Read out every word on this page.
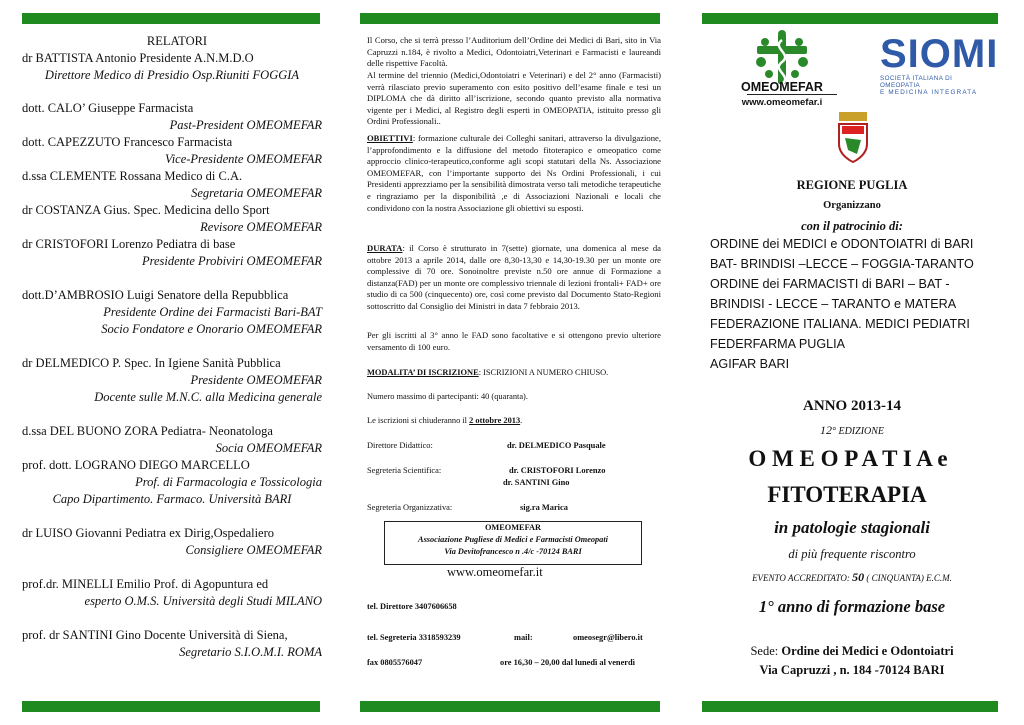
RELATORI
dr BATTISTA Antonio Presidente A.N.M.D.O
Direttore Medico di Presidio Osp.Riuniti FOGGIA
dott. CALO’ Giuseppe Farmacista
Past-President OMEOMEFAR
dott. CAPEZZUTO Francesco Farmacista
Vice-Presidente OMEOMEFAR
d.ssa CLEMENTE Rossana Medico di C.A.
Segretaria OMEOMEFAR
dr COSTANZA Gius. Spec. Medicina dello Sport
Revisore OMEOMEFAR
dr CRISTOFORI Lorenzo Pediatra di base
Presidente Probiviri OMEOMEFAR
dott.D’AMBROSIO Luigi Senatore della Repubblica
Presidente Ordine dei Farmacisti Bari-BAT
Socio Fondatore e Onorario OMEOMEFAR
dr DELMEDICO P. Spec. In Igiene Sanità Pubblica
Presidente OMEOMEFAR
Docente sulle M.N.C. alla Medicina generale
d.ssa DEL BUONO ZORA Pediatra- Neonatologa
Socia OMEOMEFAR
prof. dott. LOGRANO DIEGO MARCELLO
Prof. di Farmacologia e Tossicologia
Capo Dipartimento. Farmaco. Università BARI
dr LUISO Giovanni Pediatra ex Dirig,Ospedaliero
Consigliere OMEOMEFAR
prof.dr. MINELLI Emilio Prof. di Agopuntura ed
esperto O.M.S. Università degli Studi MILANO
prof. dr SANTINI Gino Docente Università di Siena,
Segretario S.I.O.M.I. ROMA
Il Corso, che si terrà presso l’Auditorium dell’Ordine dei Medici di Bari, sito in Via Capruzzi n.184, è rivolto a Medici, Odontoiatri,Veterinari e Farmacisti e laureandi delle rispettive Facoltà.
Al termine del triennio (Medici,Odontoiatri e Veterinari) e del 2° anno (Farmacisti) verrà rilasciato previo superamento con esito positivo dell’esame finale e tesi un DIPLOMA che dà diritto all’iscrizione, secondo quanto previsto alla normativa vigente per i Medici, al Registro degli esperti in OMEOPATIA, istituito presso gli Ordini Professionali..
OBIETTIVI: formazione culturale dei Colleghi sanitari, attraverso la divulgazione, l’approfondimento e la diffusione del metodo fitoterapico e omeopatico come approccio clinico-terapeutico,conforme agli scopi statutari della Ns. Associazione OMEOMEFAR, con l’importante supporto dei Ns Ordini Professionali, i cui Presidenti apprezziamo per la sensibilità dimostrata verso tali metodiche terapeutiche e ringraziamo per la disponibilità ,e di Associazioni Nazionali e locali che condividono con la nostra Associazione gli obiettivi su esposti.
DURATA: il Corso è strutturato in 7(sette) giornate, una domenica al mese da ottobre 2013 a aprile 2014, dalle ore 8,30-13,30 e 14,30-19.30 per un monte ore complessive di 70 ore. Sonoinoltre previste n.50 ore annue di Formazione a distanza(FAD) per un monte ore complessivo triennale di lezioni frontali+ FAD+ ore studio di ca 500 (cinquecento) ore, così come previsto dal Documento Stato-Regioni sottoscritto dal Consiglio dei Ministri in data 7 febbraio 2013.
Per gli iscritti al 3° anno le FAD sono facoltative e si ottengono previo ulteriore versamento di 100 euro.
MODALITA’ DI ISCRIZIONE: ISCRIZIONI A NUMERO CHIUSO.
Numero massimo di partecipanti: 40 (quaranta).
Le iscrizioni si chiuderanno il 2 ottobre 2013.
Direttore Didattico:	dr. DELMEDICO Pasquale
Segreteria Scientifica:	dr. CRISTOFORI Lorenzo
dr. SANTINI Gino
Segreteria Organizzativa:	sig.ra Marica
OMEOMEFAR
Associazione Pugliese di Medici e Farmacisti Omeopati
Via Devitofrancesco n .4/c -70124 BARI
www.omeomefar.it
tel. Direttore 3407606658
tel. Segreteria 3318593239	mail:	omeosegr@libero.it
fax 0805576047	ore 16,30 – 20,00 dal lunedì al venerdì
OMEOMEFAR
www.omeomefar.i
SIOMI
SOCIETÀ ITALIANA DI OMEOPATIA
E MEDICINA INTEGRATA
REGIONE PUGLIA
Organizzano
con il patrocinio di:
ORDINE dei MEDICI e ODONTOIATRI di BARI
BAT- BRINDISI –LECCE – FOGGIA-TARANTO
ORDINE dei FARMACISTI di BARI – BAT -
BRINDISI - LECCE – TARANTO e MATERA
FEDERAZIONE ITALIANA. MEDICI PEDIATRI
FEDERFARMA PUGLIA
AGIFAR BARI
ANNO 2013-14
12° EDIZIONE
O M E O P A T I A e
FITOTERAPIA
in patologie stagionali
di più frequente riscontro
EVENTO ACCREDITATO: 50 ( CINQUANTA) E.C.M.
1° anno di formazione base
Sede: Ordine dei Medici e Odontoiatri
Via Capruzzi , n. 184 -70124 BARI
